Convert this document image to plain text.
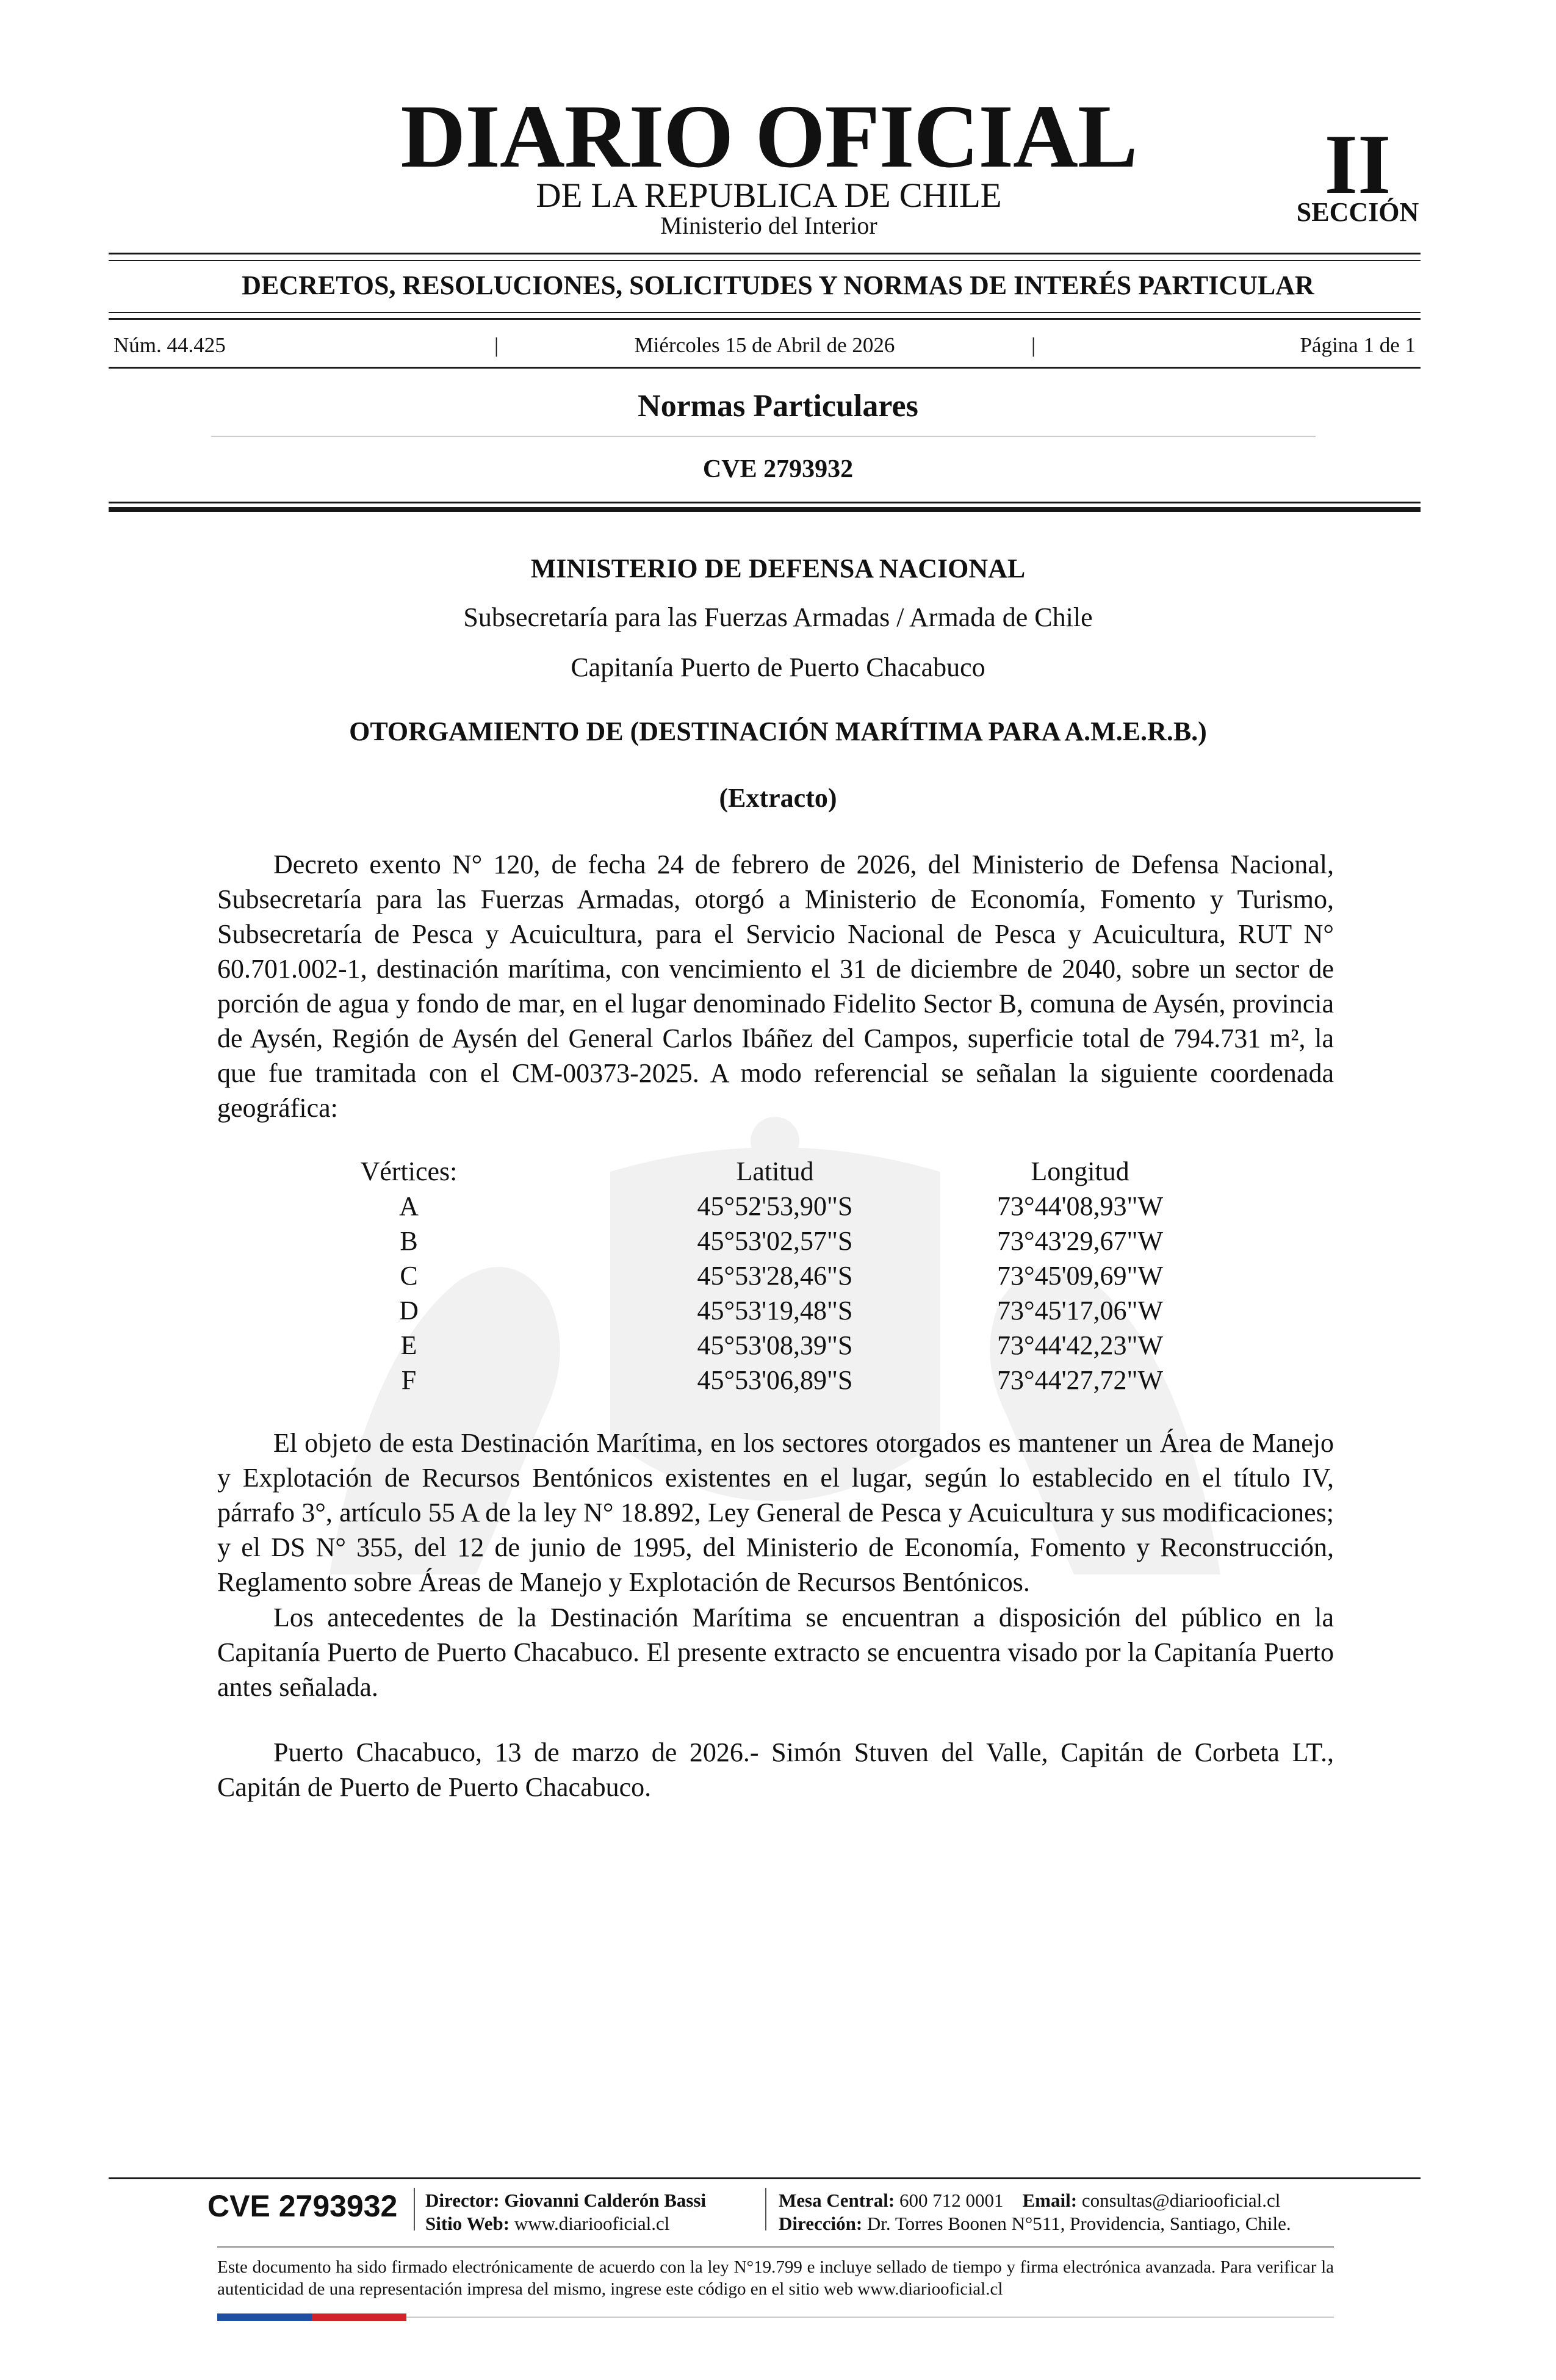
DIARIO OFICIAL
DE LA REPUBLICA DE CHILE
Ministerio del Interior
II
SECCIÓN
DECRETOS, RESOLUCIONES, SOLICITUDES Y NORMAS DE INTERÉS PARTICULAR
Núm. 44.425	|	Miércoles 15 de Abril de 2026	|	Página 1 de 1
Normas Particulares
CVE 2793932
MINISTERIO DE DEFENSA NACIONAL
Subsecretaría para las Fuerzas Armadas / Armada de Chile
Capitanía Puerto de Puerto Chacabuco
OTORGAMIENTO DE (DESTINACIÓN MARÍTIMA PARA A.M.E.R.B.)
(Extracto)

Decreto exento N° 120, de fecha 24 de febrero de 2026, del Ministerio de Defensa Nacional, Subsecretaría para las Fuerzas Armadas, otorgó a Ministerio de Economía, Fomento y Turismo, Subsecretaría de Pesca y Acuicultura, para el Servicio Nacional de Pesca y Acuicultura, RUT N° 60.701.002-1, destinación marítima, con vencimiento el 31 de diciembre de 2040, sobre un sector de porción de agua y fondo de mar, en el lugar denominado Fidelito Sector B, comuna de Aysén, provincia de Aysén, Región de Aysén del General Carlos Ibáñez del Campos, superficie total de 794.731 m², la que fue tramitada con el CM-00373-2025. A modo referencial se señalan la siguiente coordenada geográfica:

Vértices:	Latitud	Longitud
A	45°52'53,90"S	73°44'08,93"W
B	45°53'02,57"S	73°43'29,67"W
C	45°53'28,46"S	73°45'09,69"W
D	45°53'19,48"S	73°45'17,06"W
E	45°53'08,39"S	73°44'42,23"W
F	45°53'06,89"S	73°44'27,72"W

El objeto de esta Destinación Marítima, en los sectores otorgados es mantener un Área de Manejo y Explotación de Recursos Bentónicos existentes en el lugar, según lo establecido en el título IV, párrafo 3°, artículo 55 A de la ley N° 18.892, Ley General de Pesca y Acuicultura y sus modificaciones; y el DS N° 355, del 12 de junio de 1995, del Ministerio de Economía, Fomento y Reconstrucción, Reglamento sobre Áreas de Manejo y Explotación de Recursos Bentónicos.

Los antecedentes de la Destinación Marítima se encuentran a disposición del público en la Capitanía Puerto de Puerto Chacabuco. El presente extracto se encuentra visado por la Capitanía Puerto antes señalada.

Puerto Chacabuco, 13 de marzo de 2026.- Simón Stuven del Valle, Capitán de Corbeta LT., Capitán de Puerto de Puerto Chacabuco.

CVE 2793932 Director: Giovanni Calderón Bassi
Sitio Web: www.diariooficial.cl
Mesa Central: 600 712 0001 Email: consultas@diariooficial.cl
Dirección: Dr. Torres Boonen N°511, Providencia, Santiago, Chile.

Este documento ha sido firmado electrónicamente de acuerdo con la ley N°19.799 e incluye sellado de tiempo y firma electrónica avanzada. Para verificar la autenticidad de una representación impresa del mismo, ingrese este código en el sitio web www.diariooficial.cl
